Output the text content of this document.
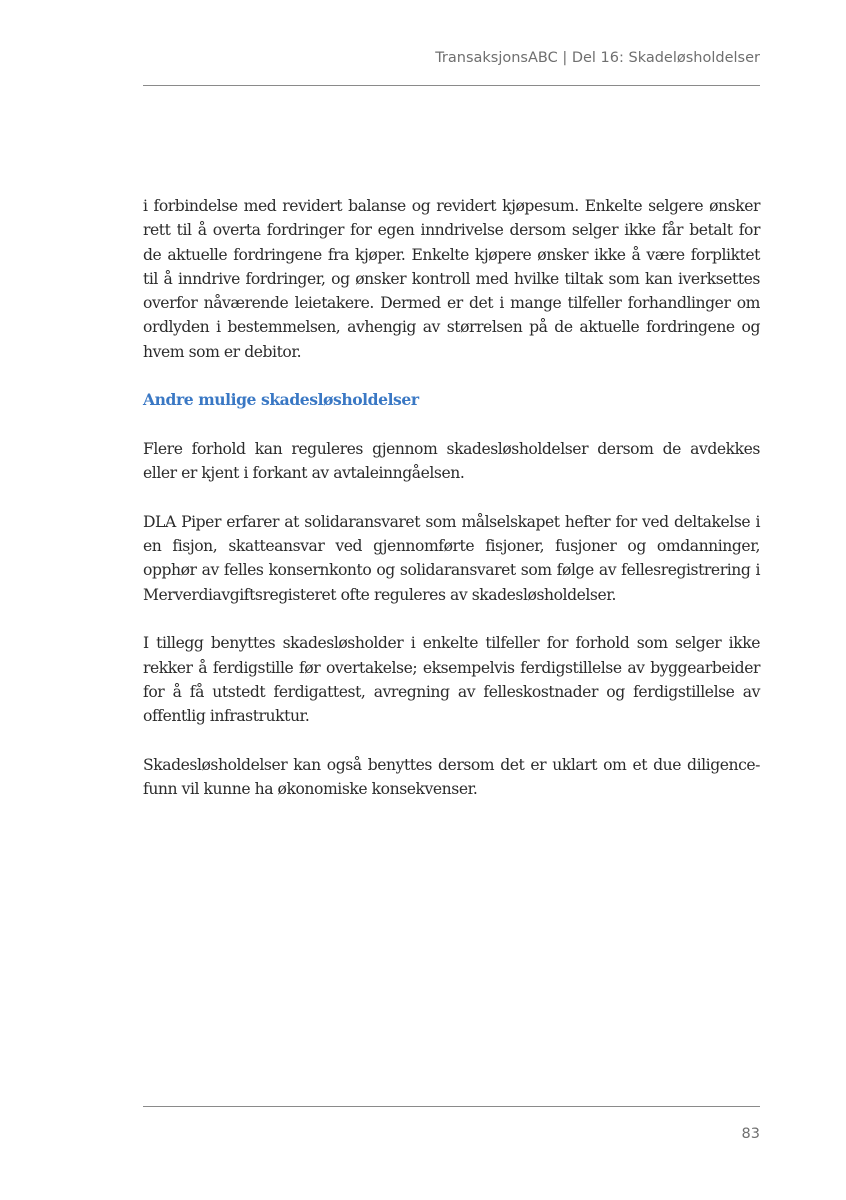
TransaksjonsABC | Del 16: Skadeløsholdelser

i forbindelse med revidert balanse og revidert kjøpesum. Enkelte selgere ønsker rett til å overta fordringer for egen inndrivelse dersom selger ikke får betalt for de aktuelle fordringene fra kjøper. Enkelte kjøpere ønsker ikke å være forpliktet til å inndrive fordringer, og ønsker kontroll med hvilke tiltak som kan iverksettes overfor nåværende leietakere. Dermed er det i mange tilfeller forhandlinger om ordlyden i bestemmelsen, avhengig av størrelsen på de aktuelle fordringene og hvem som er debitor.

Andre mulige skadesløsholdelser

Flere forhold kan reguleres gjennom skadesløsholdelser dersom de avdekkes eller er kjent i forkant av avtaleinngåelsen.

DLA Piper erfarer at solidaransvaret som målselskapet hefter for ved deltakelse i en fisjon, skatteansvar ved gjennomførte fisjoner, fusjoner og omdanninger, opphør av felles konsernkonto og solidaransvaret som følge av fellesregistrering i Merverdiavgiftsregisteret ofte reguleres av skadesløsholdelser.

I tillegg benyttes skadesløsholder i enkelte tilfeller for forhold som selger ikke rekker å ferdigstille før overtakelse; eksempelvis ferdigstillelse av byggearbeider for å få utstedt ferdigattest, avregning av felleskostnader og ferdigstillelse av offentlig infrastruktur.

Skadesløsholdelser kan også benyttes dersom det er uklart om et due diligence-funn vil kunne ha økonomiske konsekvenser.

83
